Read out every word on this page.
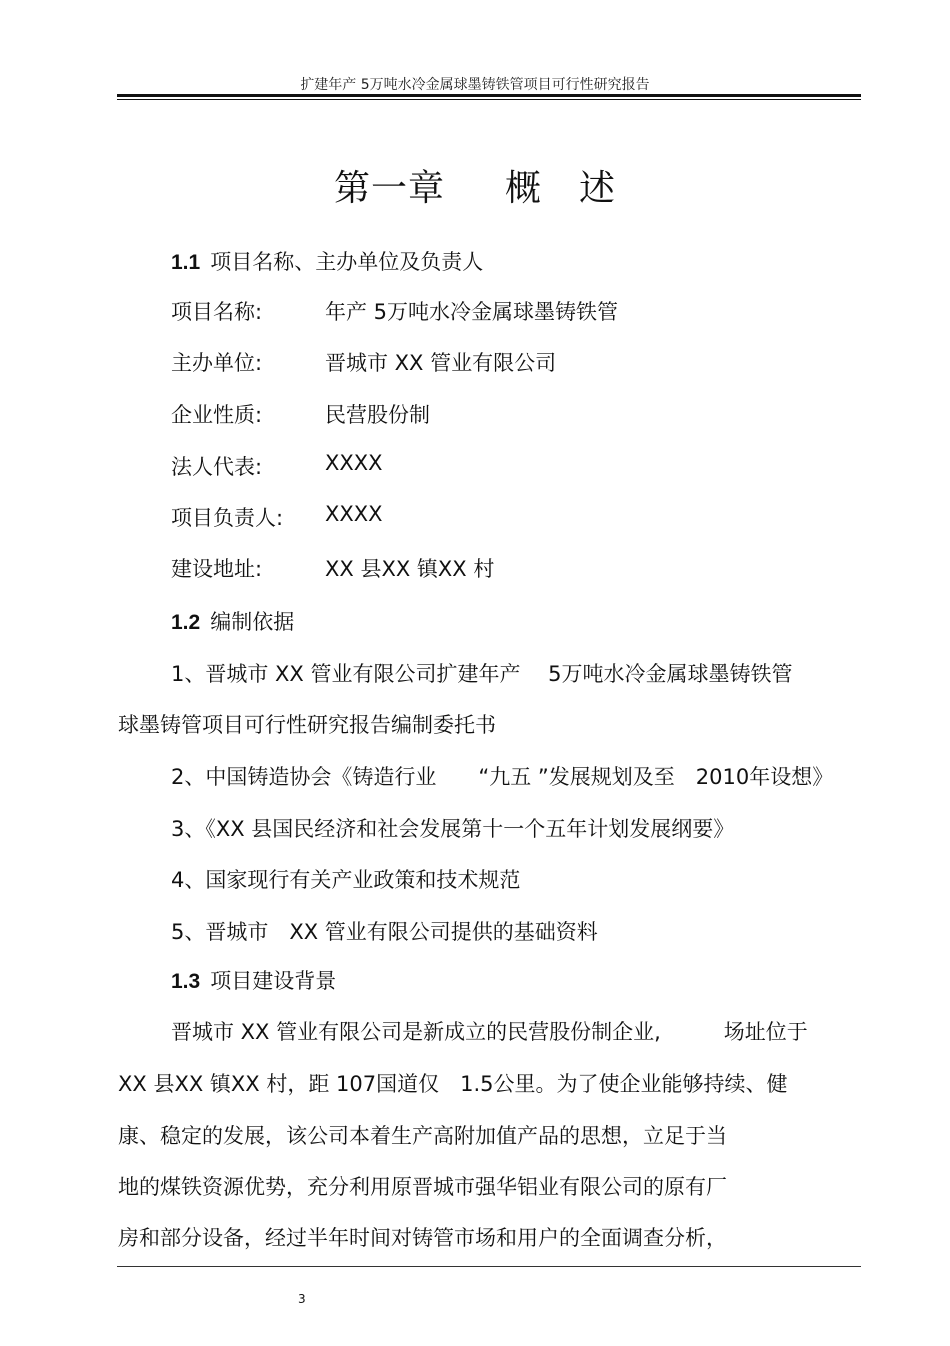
扩建年产 5万吨水冷金属球墨铸铁管项目可行性研究报告
第一章 概　述
1.1 项目名称、主办单位及负责人
项目名称:	年产 5万吨水冷金属球墨铸铁管
主办单位:	晋城市 XX 管业有限公司
企业性质:	民营股份制
法人代表:	XXXX
项目负责人: XXXX
建设地址:	XX 县XX 镇XX 村
1.2 编制依据
1、晋城市 XX 管业有限公司扩建年产　 5万吨水冷金属球墨铸铁管
球墨铸管项目可行性研究报告编制委托书
2、中国铸造协会《铸造行业　　“九五 ”发展规划及至　2010年设想》
3、《XX 县国民经济和社会发展第十一个五年计划发展纲要》
4、国家现行有关产业政策和技术规范
5、晋城市　XX 管业有限公司提供的基础资料
1.3 项目建设背景
晋城市 XX 管业有限公司是新成立的民营股份制企业,　　　场址位于
XX 县XX 镇XX 村，距 107国道仅　1.5公里。为了使企业能够持续、健
康、稳定的发展，该公司本着生产高附加值产品的思想，立足于当
地的煤铁资源优势，充分利用原晋城市强华铝业有限公司的原有厂
房和部分设备，经过半年时间对铸管市场和用户的全面调查分析，
3
